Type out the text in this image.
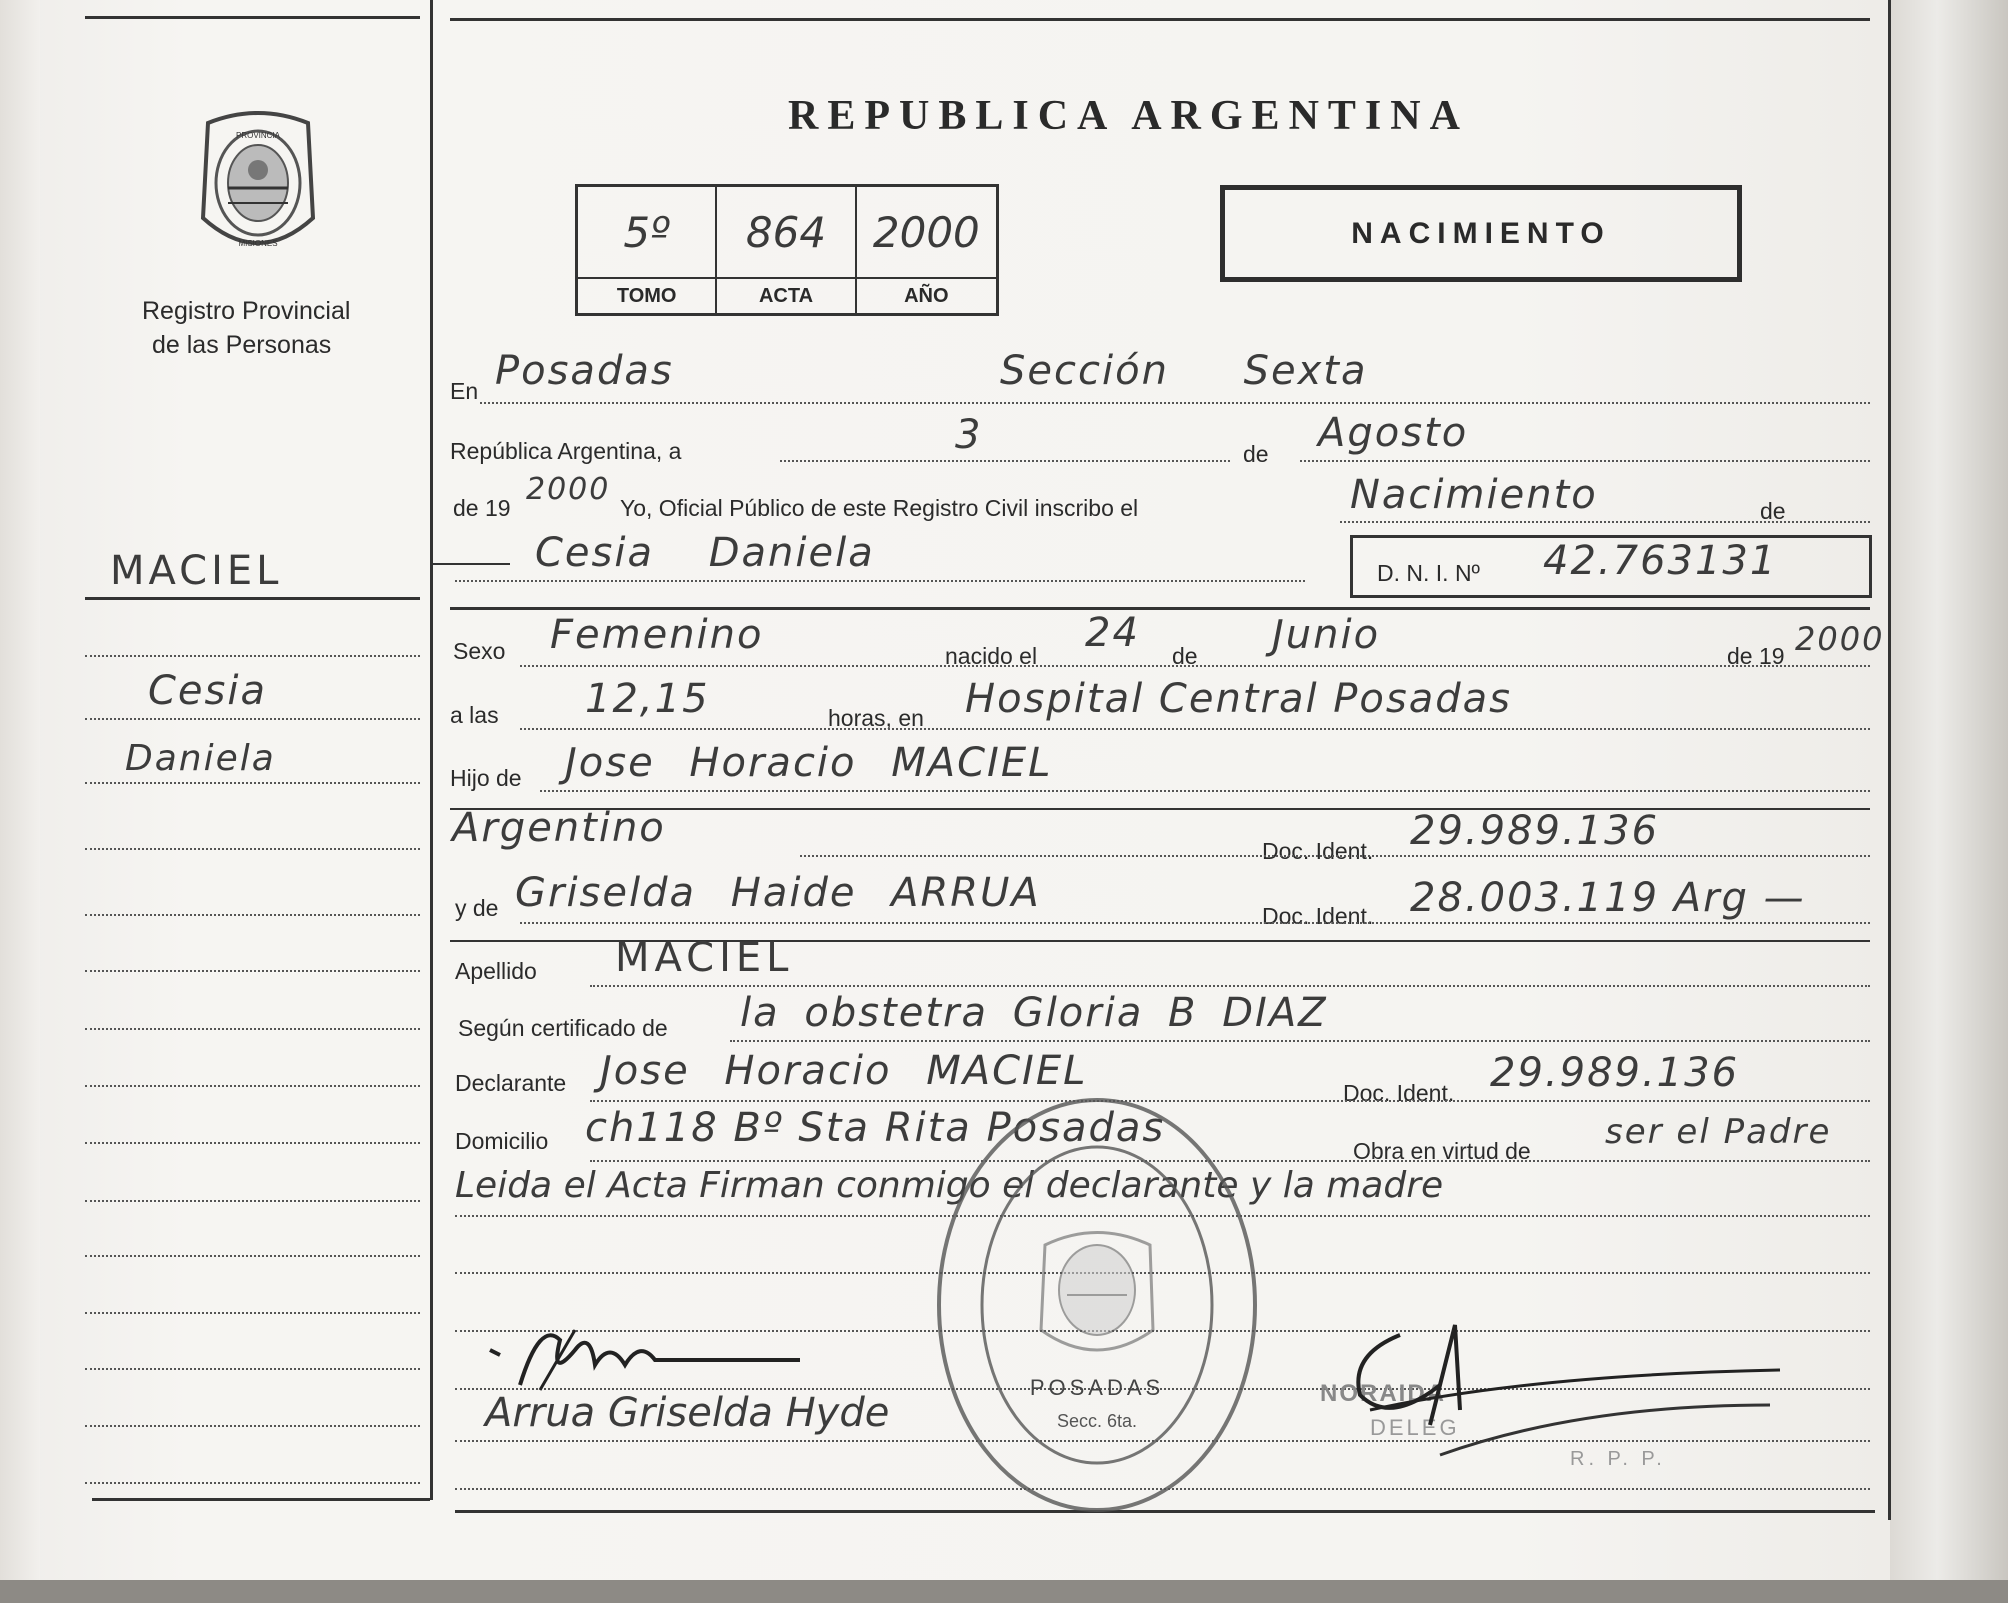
PROVINCIA
MISIONES
Registro Provincial
de las Personas
MACIEL
Cesia
Daniela
REPUBLICA ARGENTINA
5º	864	2000
TOMO	ACTA	AÑO
NACIMIENTO
En Posadas	Sección Sexta
República Argentina, a	3	de Agosto
de 19
2000
Yo, Oficial Público de este Registro Civil inscribo el	Nacimiento	de
Cesia Daniela	D. N. I. Nº 42.763131
Sexo Femenino	nacido el 24 de Junio	de 19 2000
a las 12,15	horas, en Hospital Central Posadas
Hijo de Jose Horacio MACIEL
Argentino	Doc. Ident. 29.989.136
y de Griselda Haide ARRUA	Doc. Ident. 28.003.119 Arg —
Apellido MACIEL
Según certificado de la obstetra Gloria B DIAZ
Declarante Jose Horacio MACIEL	Doc. Ident. 29.989.136
Domicilio ch118 Bº Sta Rita Posadas	Obra en virtud de ser el Padre
Leida el Acta Firman conmigo el declarante y la madre
Arrua Griselda Hyde
POSADAS
Secc. 6ta.
NORAIDA
DELEG
R. P. P.
